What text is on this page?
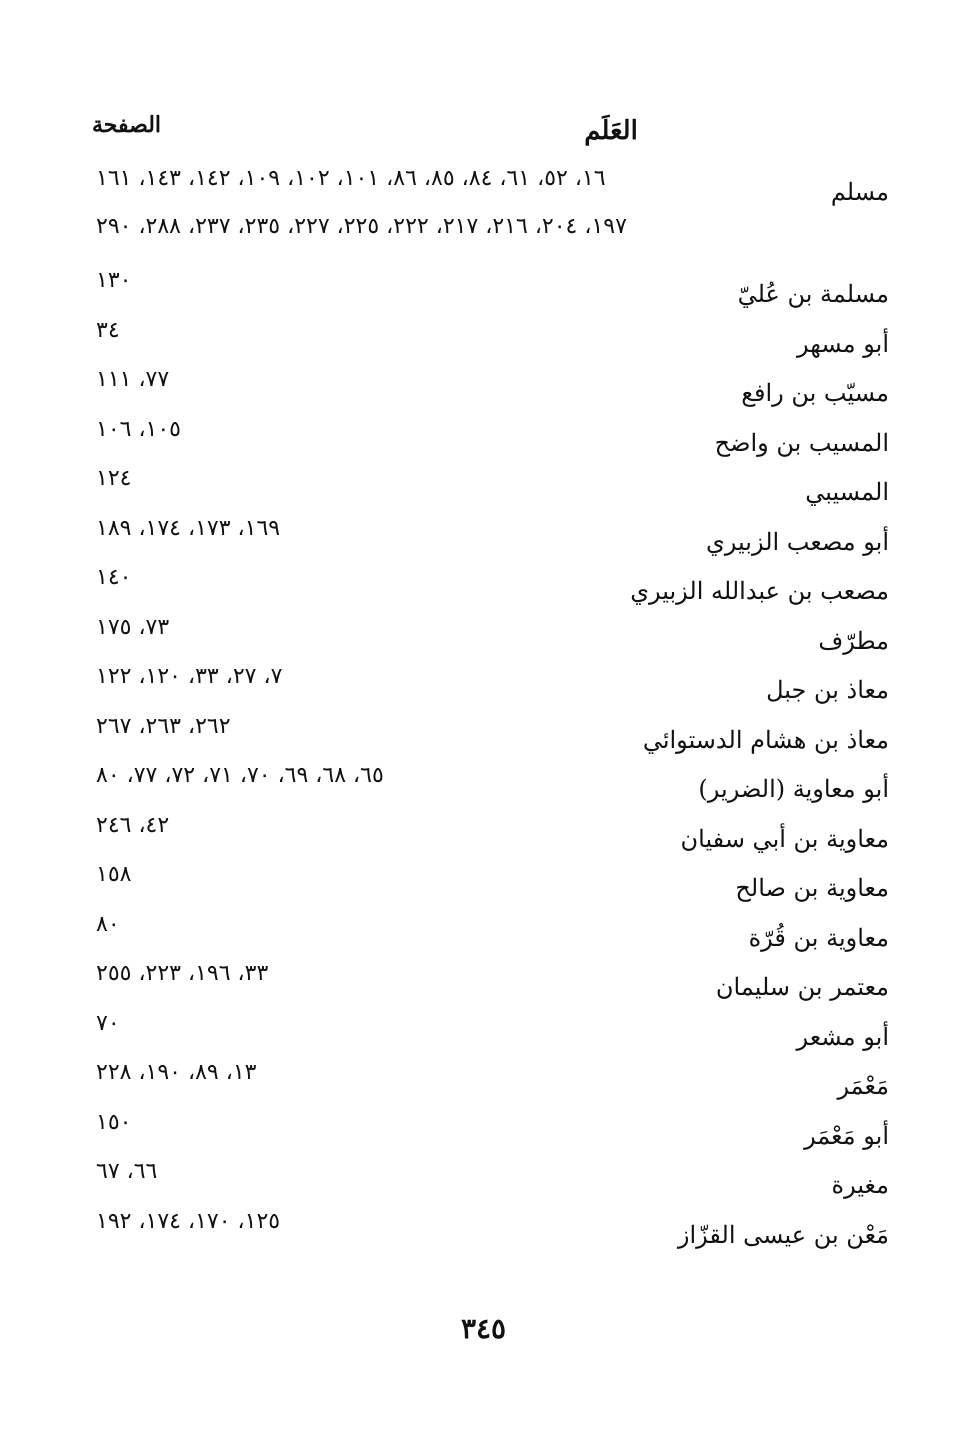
العَلَم
الصفحة
مسلم
١٦، ٥٢، ٦١، ٨٤، ٨٥، ٨٦، ١٠١، ١٠٢، ١٠٩، ١٤٢، ١٤٣، ١٦١
١٩٧، ٢٠٤، ٢١٦، ٢١٧، ٢٢٢، ٢٢٥، ٢٢٧، ٢٣٥، ٢٣٧، ٢٨٨، ٢٩٠
مسلمة بن عُليّ
١٣٠
أبو مسهر
٣٤
مسيّب بن رافع
٧٧، ١١١
المسيب بن واضح
١٠٥، ١٠٦
المسيبي
١٢٤
أبو مصعب الزبيري
١٦٩، ١٧٣، ١٧٤، ١٨٩
مصعب بن عبدالله الزبيري
١٤٠
مطرّف
٧٣، ١٧٥
معاذ بن جبل
٧، ٢٧، ٣٣، ١٢٠، ١٢٢
معاذ بن هشام الدستوائي
٢٦٢، ٢٦٣، ٢٦٧
أبو معاوية (الضرير)
٦٥، ٦٨، ٦٩، ٧٠، ٧١، ٧٢، ٧٧، ٨٠
معاوية بن أبي سفيان
٤٢، ٢٤٦
معاوية بن صالح
١٥٨
معاوية بن قُرّة
٨٠
معتمر بن سليمان
٣٣، ١٩٦، ٢٢٣، ٢٥٥
أبو مشعر
٧٠
مَعْمَر
١٣، ٨٩، ١٩٠، ٢٢٨
أبو مَعْمَر
١٥٠
مغيرة
٦٦، ٦٧
مَعْن بن عيسى القزّاز
١٢٥، ١٧٠، ١٧٤، ١٩٢
٣٤٥
